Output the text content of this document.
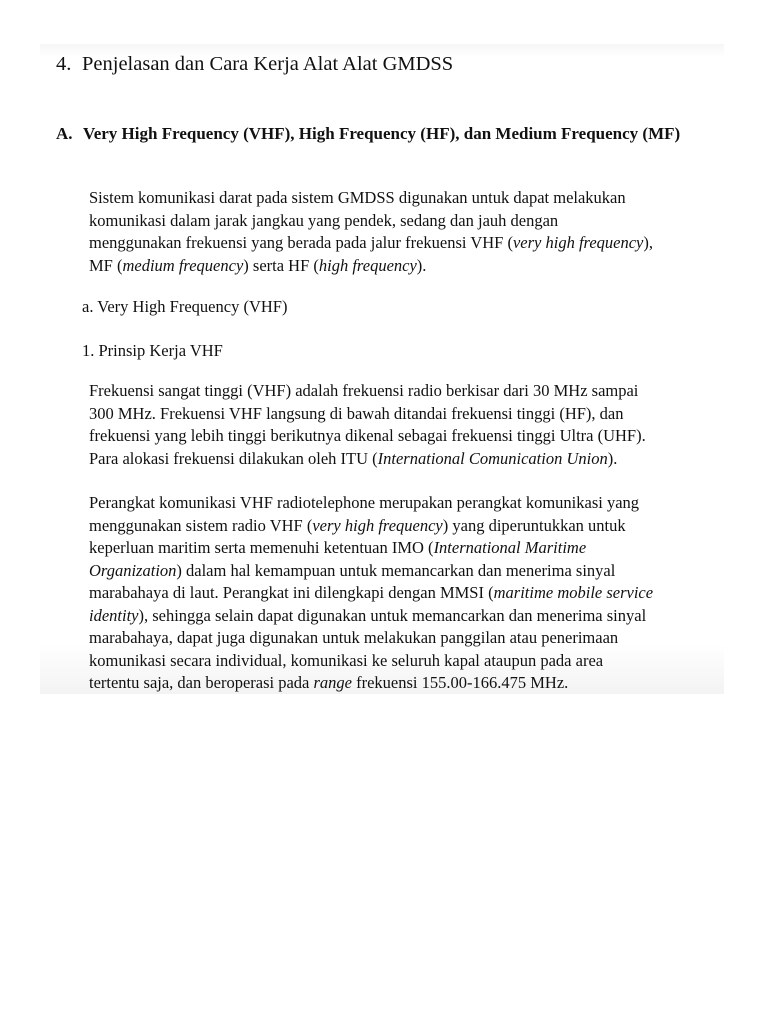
4. Penjelasan dan Cara Kerja Alat Alat GMDSS
A. Very High Frequency (VHF), High Frequency (HF), dan Medium Frequency (MF)

Sistem komunikasi darat pada sistem GMDSS digunakan untuk dapat melakukan
komunikasi dalam jarak jangkau yang pendek, sedang dan jauh dengan
menggunakan frekuensi yang berada pada jalur frekuensi VHF (very high frequency),
MF (medium frequency) serta HF (high frequency).

a. Very High Frequency (VHF)
1. Prinsip Kerja VHF

Frekuensi sangat tinggi (VHF) adalah frekuensi radio berkisar dari 30 MHz sampai
300 MHz. Frekuensi VHF langsung di bawah ditandai frekuensi tinggi (HF), dan
frekuensi yang lebih tinggi berikutnya dikenal sebagai frekuensi tinggi Ultra (UHF).
Para alokasi frekuensi dilakukan oleh ITU (International Comunication Union).

Perangkat komunikasi VHF radiotelephone merupakan perangkat komunikasi yang
menggunakan sistem radio VHF (very high frequency) yang diperuntukkan untuk
keperluan maritim serta memenuhi ketentuan IMO (International Maritime
Organization) dalam hal kemampuan untuk memancarkan dan menerima sinyal
marabahaya di laut. Perangkat ini dilengkapi dengan MMSI (maritime mobile service
identity), sehingga selain dapat digunakan untuk memancarkan dan menerima sinyal
marabahaya, dapat juga digunakan untuk melakukan panggilan atau penerimaan
komunikasi secara individual, komunikasi ke seluruh kapal ataupun pada area
tertentu saja, dan beroperasi pada range frekuensi 155.00-166.475 MHz.
